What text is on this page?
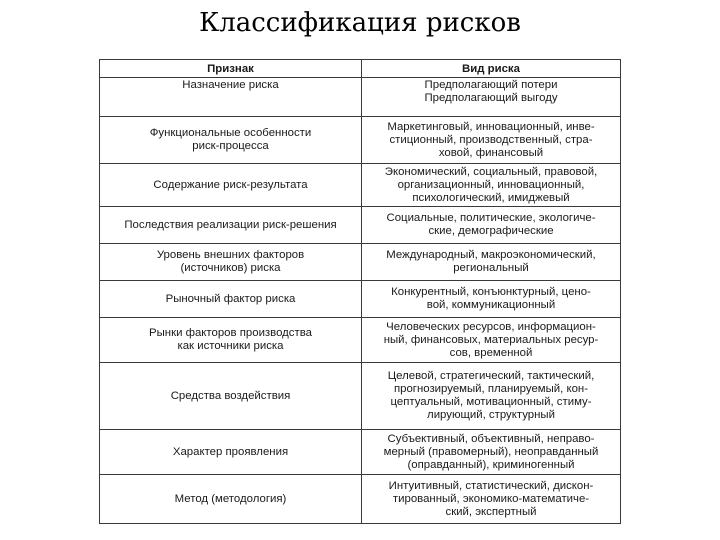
Классификация рисков
Признак	Вид риска

Назначение риска	Предполагающий потери
Предполагающий выгоду

Функциональные особенности
риск-процесса	Маркетинговый, инновационный, инве-
стиционный, производственный, стра-
ховой, финансовый

Содержание риск-результата	Экономический, социальный, правовой,
организационный, инновационный,
психологический, имиджевый

Последствия реализации риск-решения	Социальные, политические, экологиче-
ские, демографические

Уровень внешних факторов
(источников) риска	Международный, макроэкономический,
региональный

Рыночный фактор риска	Конкурентный, конъюнктурный, цено-
вой, коммуникационный

Рынки факторов производства
как источники риска	Человеческих ресурсов, информацион-
ный, финансовых, материальных ресур-
сов, временной

Средства воздействия	Целевой, стратегический, тактический,
прогнозируемый, планируемый, кон-
цептуальный, мотивационный, стиму-
лирующий, структурный

Характер проявления	Субъективный, объективный, неправо-
мерный (правомерный), неоправданный
(оправданный), криминогенный

Метод (методология)	Интуитивный, статистический, дискон-
тированный, экономико-математиче-
ский, экспертный
